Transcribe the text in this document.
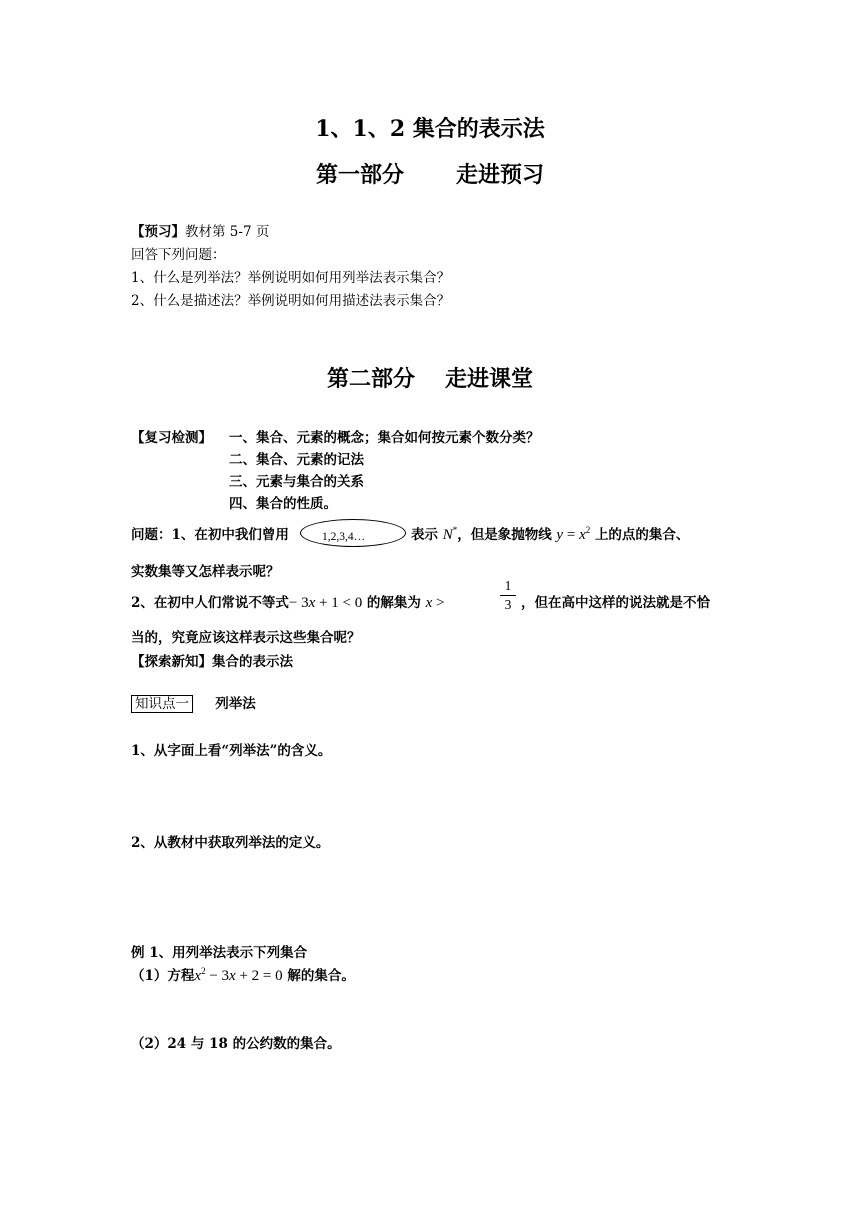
1、1、2 集合的表示法
第一部分 走进预习
【预习】教材第 5-7 页
回答下列问题：
1、什么是列举法？举例说明如何用列举法表示集合？
2、什么是描述法？举例说明如何用描述法表示集合？
第二部分 走进课堂
【复习检测】 一、集合、元素的概念；集合如何按元素个数分类？
二、集合、元素的记法
三、元素与集合的关系
四、集合的性质。
问题：1、在初中我们曾用	1,2,3,4…	表示 N*，但是象抛物线 $y = x^2$ 上的点的集合、
实数集等又怎样表示呢？
2、在初中人们常说不等式− 3x + 1 < 0 的解集为 x >
1
3 ，但在高中这样的说法就是不恰
当的，究竟应该这样表示这些集合呢？
【探索新知】集合的表示法
知识点一 列举法
1、从字面上看“列举法”的含义。
2、从教材中获取列举法的定义。
例 1、用列举法表示下列集合
（1）方程$x^2 - 3x + 2 = 0$ 解的集合。
（2）24 与 18 的公约数的集合。
